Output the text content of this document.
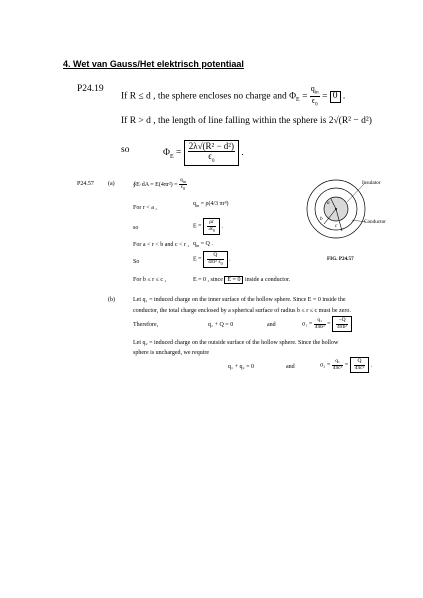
4. Wet van Gauss/Het elektrisch potentiaal
P24.19
If R ≤ d , the sphere encloses no charge and $\Phi_E = \frac{q_{in}}{\epsilon_0} = 0$ .
If R > d , the length of line falling within the sphere is 2√(R² − d²)
so	$\Phi_E = \frac{\text{2λ√(R² − d²)}}{\epsilon_0}$ .
P24.57 (a)	∮E·dA = $E(4\pi r^2) = \frac{q_{in}}{\epsilon_0}$
For r < a ,
$q_{in} = \rho(4/3$ πr³)
so	$E = \frac{\rho r}{3\epsilon_0}$ .
For a < r < b and c < r , $q_{in} = Q$ .
So	$E = \frac{Q}{4\pi r^2 \epsilon_0}$ .
For b ≤ r ≤ c ,	E = 0 , since E = 0 inside a conductor.
Insulator
Conductor
a
b
c
FIG. P24.57
(b)	Let q₁ = induced charge on the inner surface of the hollow sphere. Since E = 0 inside the
conductor, the total charge enclosed by a spherical surface of radius b ≤ r ≤ c must be zero.
Therefore,	q₁ + Q = 0	and	$\sigma_1 = \frac{\text{q₁}}{\text{4πb²}} = \frac{-Q}{\text{4πb²}}$
Let q₂ = induced charge on the outside surface of the hollow sphere. Since the hollow
sphere is uncharged, we require
q₁ + q₂ = 0	and	$\sigma_2 = \frac{\text{q₁}}{\text{4πc²}} = \frac{Q}{\text{4πc²}}$ .
